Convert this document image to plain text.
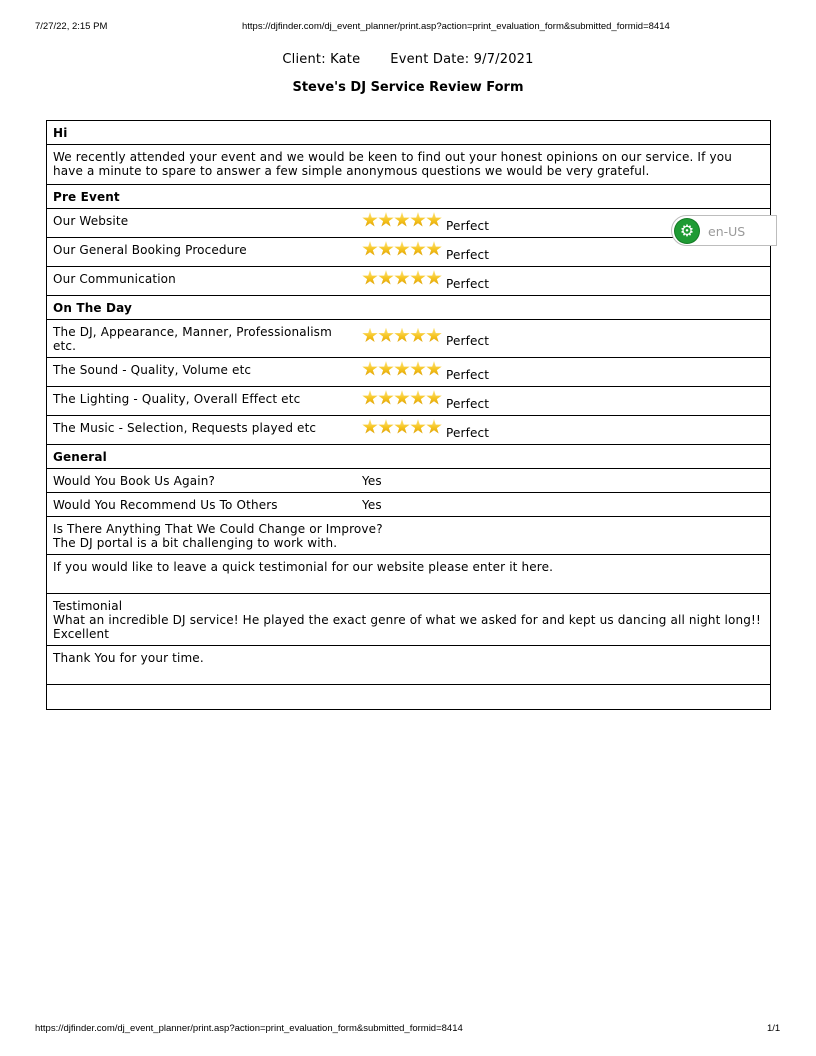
7/27/22, 2:15 PM	https://djfinder.com/dj_event_planner/print.asp?action=print_evaluation_form&submitted_formid=8414
Client: Kate Event Date: 9/7/2021
Steve's DJ Service Review Form
Hi	
We recently attended your event and we would be keen to find out your honest opinions on our service. If you have a minute to spare to answer a few simple anonymous questions we would be very grateful.	
Pre Event	
Our Website	Perfect
Our General Booking Procedure	Perfect
Our Communication	Perfect
On The Day	
The DJ, Appearance, Manner, Professionalism etc.	Perfect
The Sound - Quality, Volume etc	Perfect
The Lighting - Quality, Overall Effect etc	Perfect
The Music - Selection, Requests played etc	Perfect
General	
Would You Book Us Again?	Yes
Would You Recommend Us To Others	Yes

Is There Anything That We Could Change or Improve?
The DJ portal is a bit challenging to work with.	

If you would like to leave a quick testimonial for our website please enter it here.	

Testimonial
What an incredible DJ service! He played the exact genre of what we asked for and kept us dancing all night long!! Excellent	

Thank You for your time.	

⚙	en-US
https://djfinder.com/dj_event_planner/print.asp?action=print_evaluation_form&submitted_formid=8414	1/1
